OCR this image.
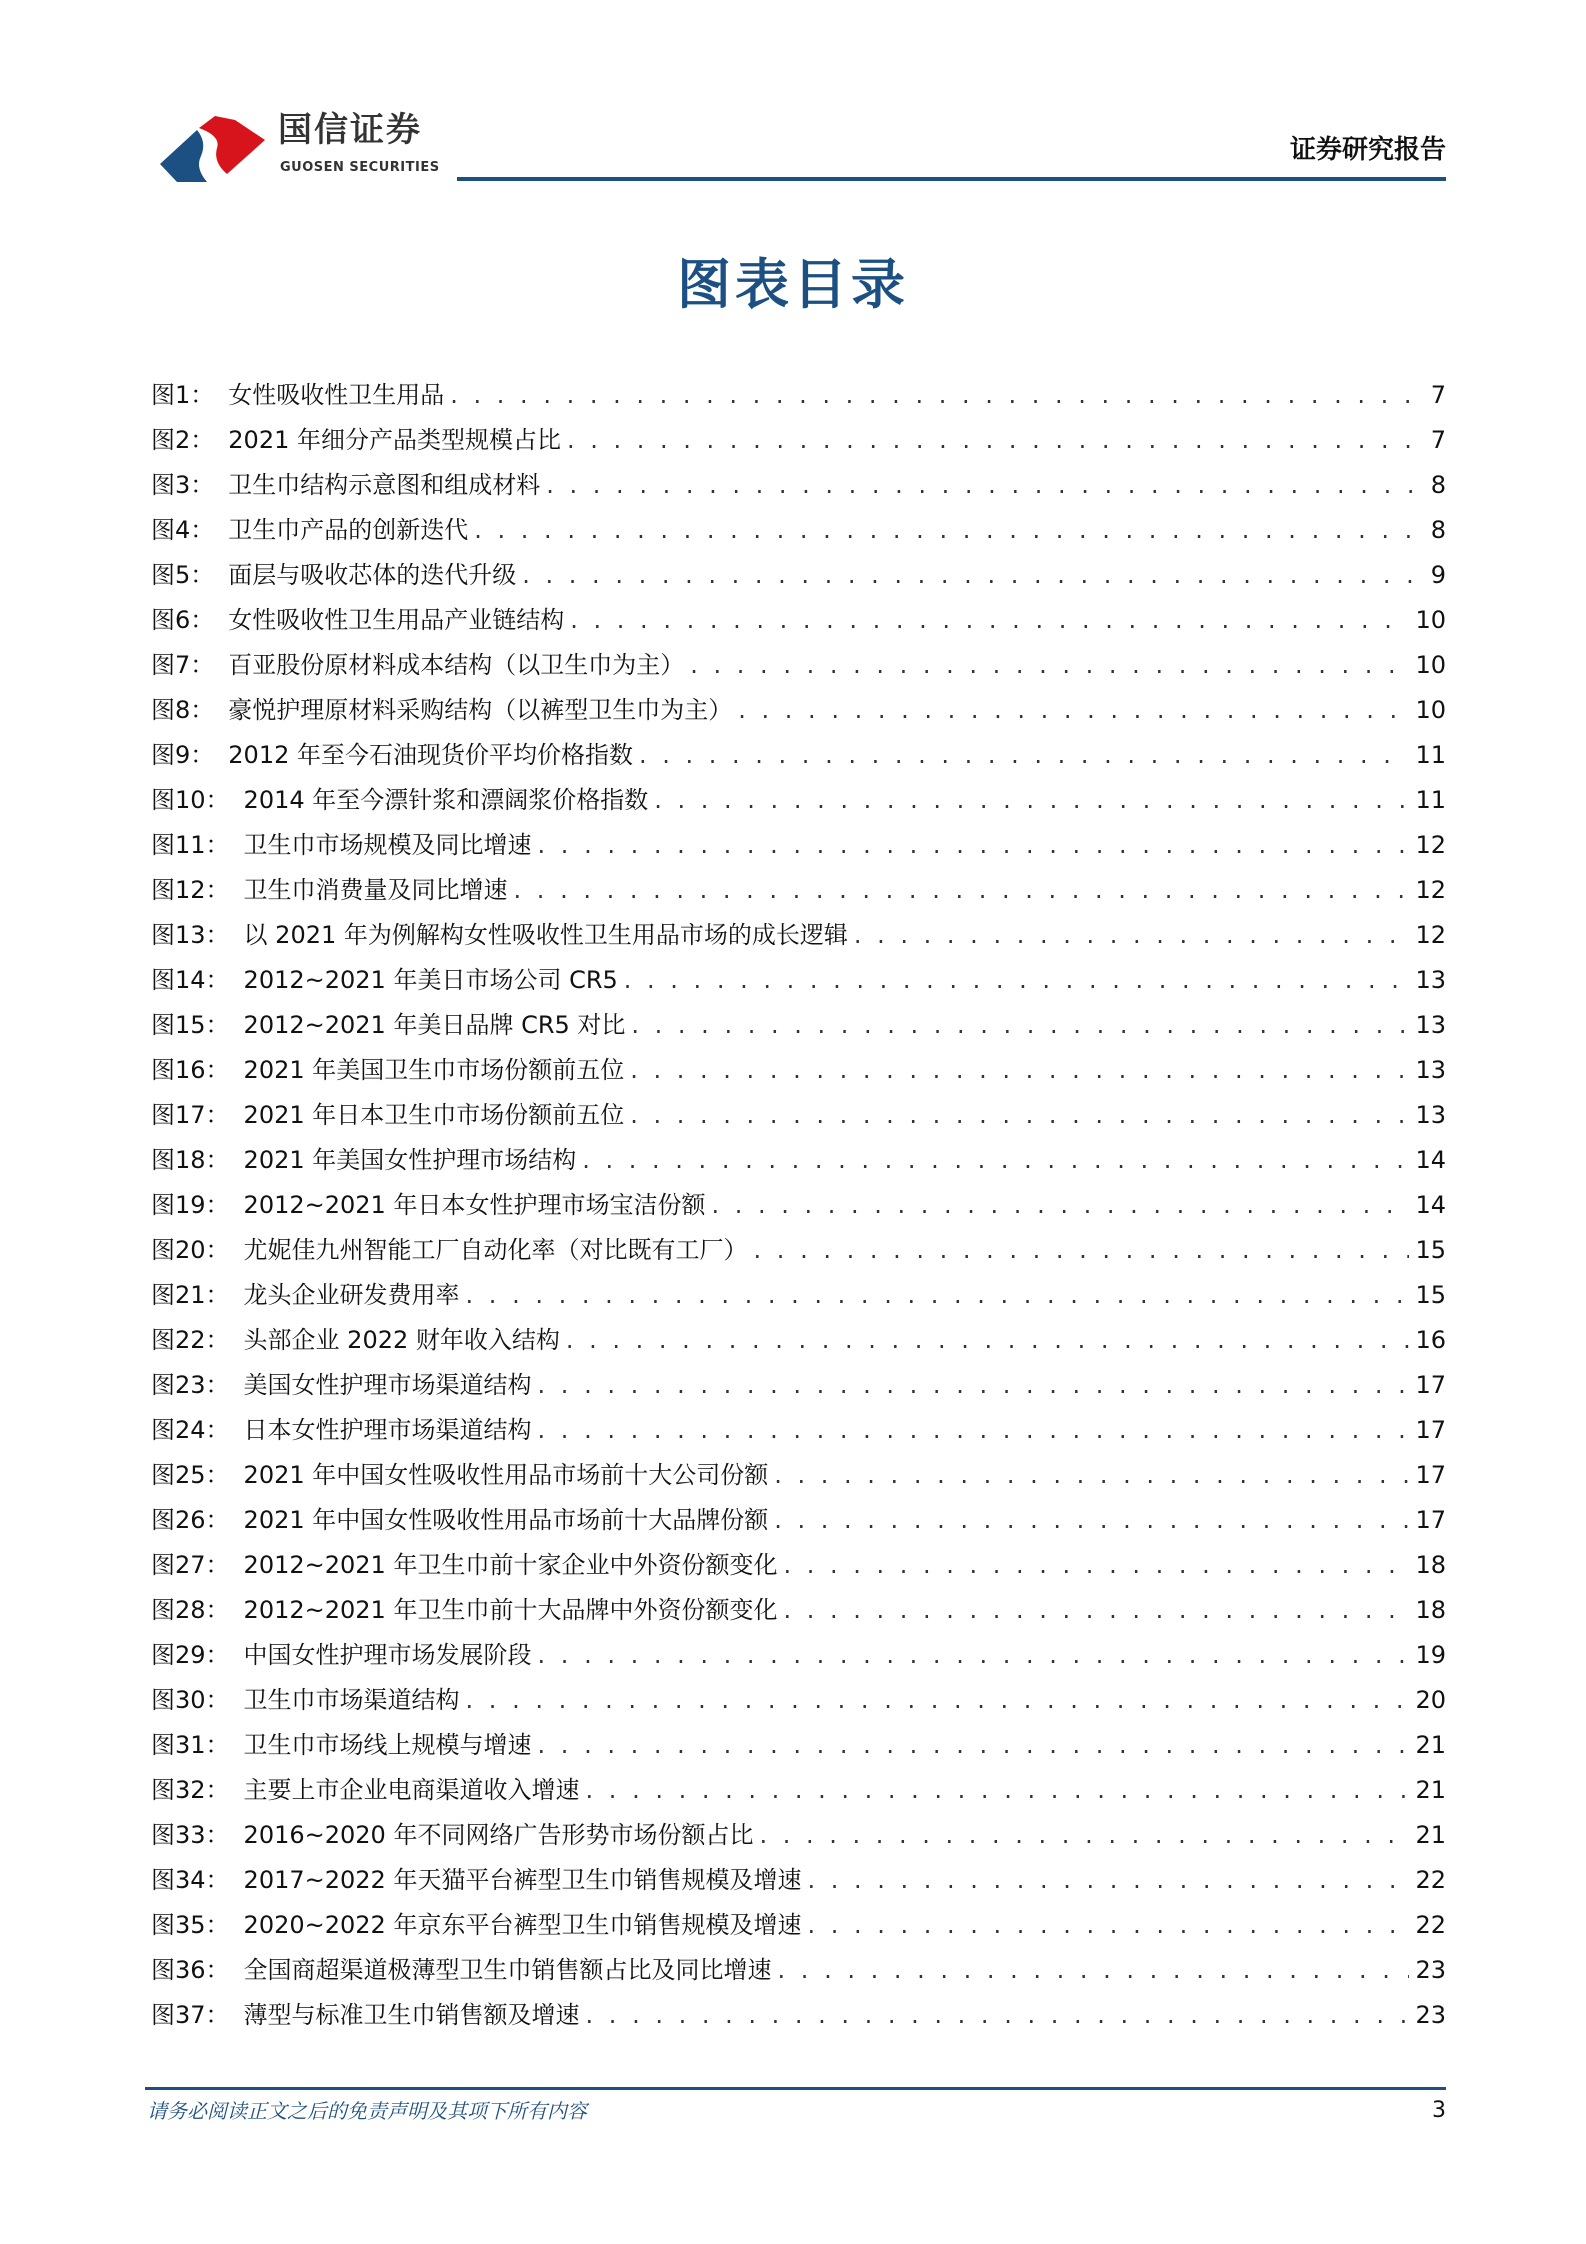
国信证券
GUOSEN SECURITIES
证券研究报告
图表目录
图1： 女性吸收性卫生用品 . . .	7
图2： 2021 年细分产品类型规模占比 . . .	7
图3： 卫生巾结构示意图和组成材料 . . .	8
图4： 卫生巾产品的创新迭代 . . .	8
图5： 面层与吸收芯体的迭代升级 . . .	9
图6： 女性吸收性卫生用品产业链结构 . . .	10
图7： 百亚股份原材料成本结构（以卫生巾为主） . . .	10
图8： 豪悦护理原材料采购结构（以裤型卫生巾为主） . . .	10
图9： 2012 年至今石油现货价平均价格指数 . . .	11
图10： 2014 年至今漂针浆和漂阔浆价格指数 . . .	11
图11： 卫生巾市场规模及同比增速 . . .	12
图12： 卫生巾消费量及同比增速 . . .	12
图13： 以 2021 年为例解构女性吸收性卫生用品市场的成长逻辑 . . .	12
图14： 2012~2021 年美日市场公司 CR5 . . .	13
图15： 2012~2021 年美日品牌 CR5 对比 . . .	13
图16： 2021 年美国卫生巾市场份额前五位 . . .	13
图17： 2021 年日本卫生巾市场份额前五位 . . .	13
图18： 2021 年美国女性护理市场结构 . . .	14
图19： 2012~2021 年日本女性护理市场宝洁份额 . . .	14
图20： 尤妮佳九州智能工厂自动化率（对比既有工厂） . . .	15
图21： 龙头企业研发费用率 . . .	15
图22： 头部企业 2022 财年收入结构 . . .	16
图23： 美国女性护理市场渠道结构 . . .	17
图24： 日本女性护理市场渠道结构 . . .	17
图25： 2021 年中国女性吸收性用品市场前十大公司份额 . . .	17
图26： 2021 年中国女性吸收性用品市场前十大品牌份额 . . .	17
图27： 2012~2021 年卫生巾前十家企业中外资份额变化 . . .	18
图28： 2012~2021 年卫生巾前十大品牌中外资份额变化 . . .	18
图29： 中国女性护理市场发展阶段 . . .	19
图30： 卫生巾市场渠道结构 . . .	20
图31： 卫生巾市场线上规模与增速 . . .	21
图32： 主要上市企业电商渠道收入增速 . . .	21
图33： 2016~2020 年不同网络广告形势市场份额占比 . . .	21
图34： 2017~2022 年天猫平台裤型卫生巾销售规模及增速 . . .	22
图35： 2020~2022 年京东平台裤型卫生巾销售规模及增速 . . .	22
图36： 全国商超渠道极薄型卫生巾销售额占比及同比增速 . . .	23
图37： 薄型与标准卫生巾销售额及增速 . . .	23
请务必阅读正文之后的免责声明及其项下所有内容	3
